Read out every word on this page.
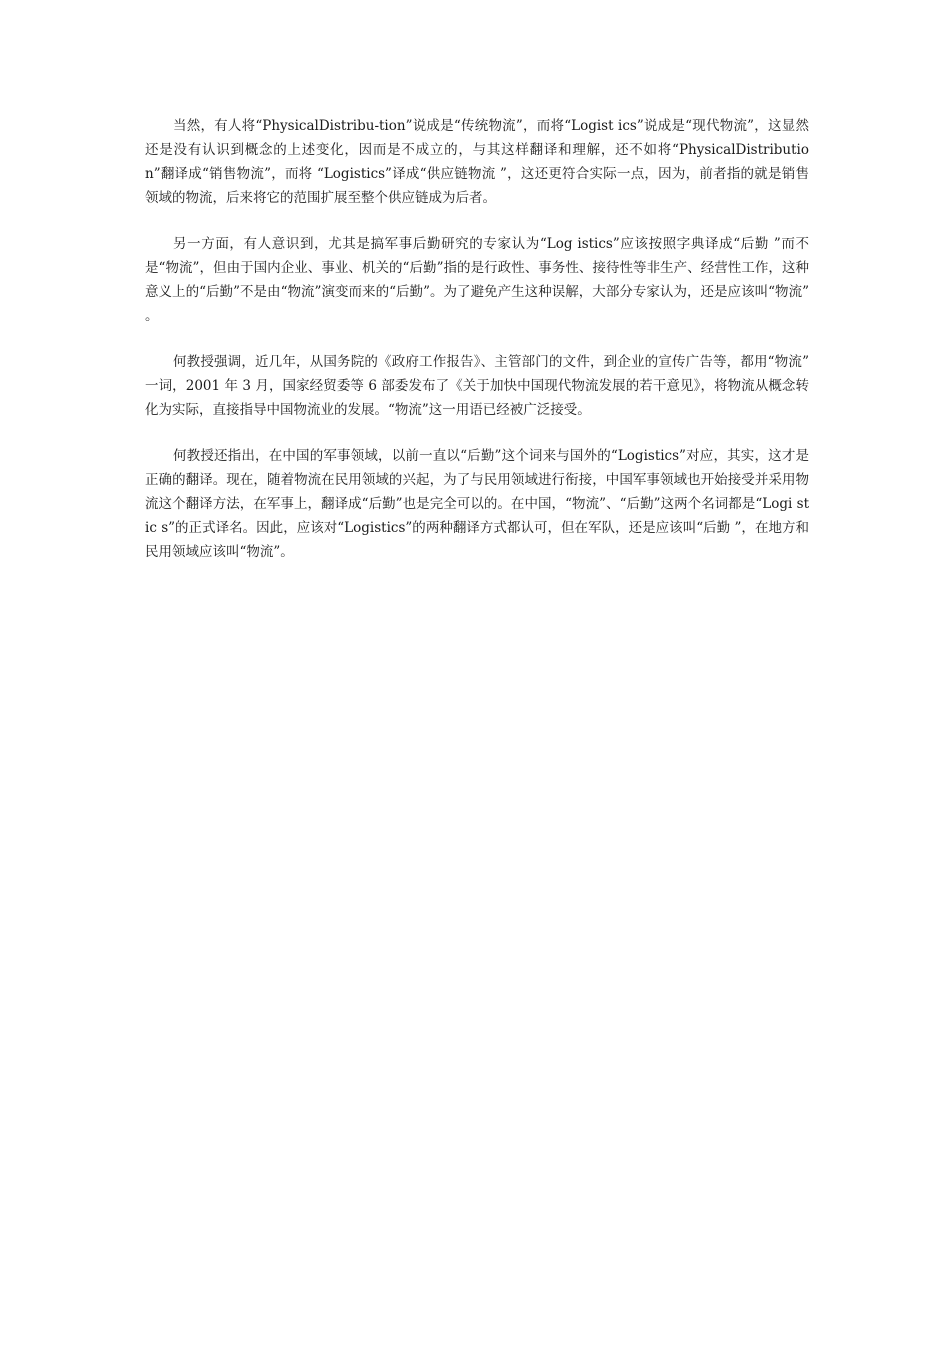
当然，有人将“PhysicalDistribu-tion”说成是“传统物流”，而将“Logist ics”说成是“现代物流”，这显然还是没有认识到概念的上述变化，因而是不成立的，与其这样翻译和理解，还不如将“PhysicalDistribution”翻译成“销售物流”，而将 “Logistics”译成“供应链物流 ”，这还更符合实际一点，因为，前者指的就是销售领域的物流，后来将它的范围扩展至整个供应链成为后者。

另一方面，有人意识到，尤其是搞军事后勤研究的专家认为“Log istics”应该按照字典译成“后勤 ”而不是“物流”，但由于国内企业、事业、机关的“后勤”指的是行政性、事务性、接待性等非生产、经营性工作，这种意义上的“后勤”不是由“物流”演变而来的“后勤”。为了避免产生这种误解，大部分专家认为，还是应该叫“物流” 。

何教授强调，近几年，从国务院的《政府工作报告》、主管部门的文件，到企业的宣传广告等，都用“物流” 一词，2001 年 3 月，国家经贸委等 6 部委发布了《关于加快中国现代物流发展的若干意见》，将物流从概念转化为实际，直接指导中国物流业的发展。“物流”这一用语已经被广泛接受。

何教授还指出，在中国的军事领域，以前一直以“后勤”这个词来与国外的“Logistics”对应，其实，这才是正确的翻译。现在，随着物流在民用领域的兴起，为了与民用领域进行衔接，中国军事领域也开始接受并采用物流这个翻译方法，在军事上，翻译成“后勤”也是完全可以的。在中国，“物流”、“后勤”这两个名词都是“Logi stic s”的正式译名。因此，应该对“Logistics”的两种翻译方式都认可，但在军队，还是应该叫“后勤 ”，在地方和民用领域应该叫“物流”。
